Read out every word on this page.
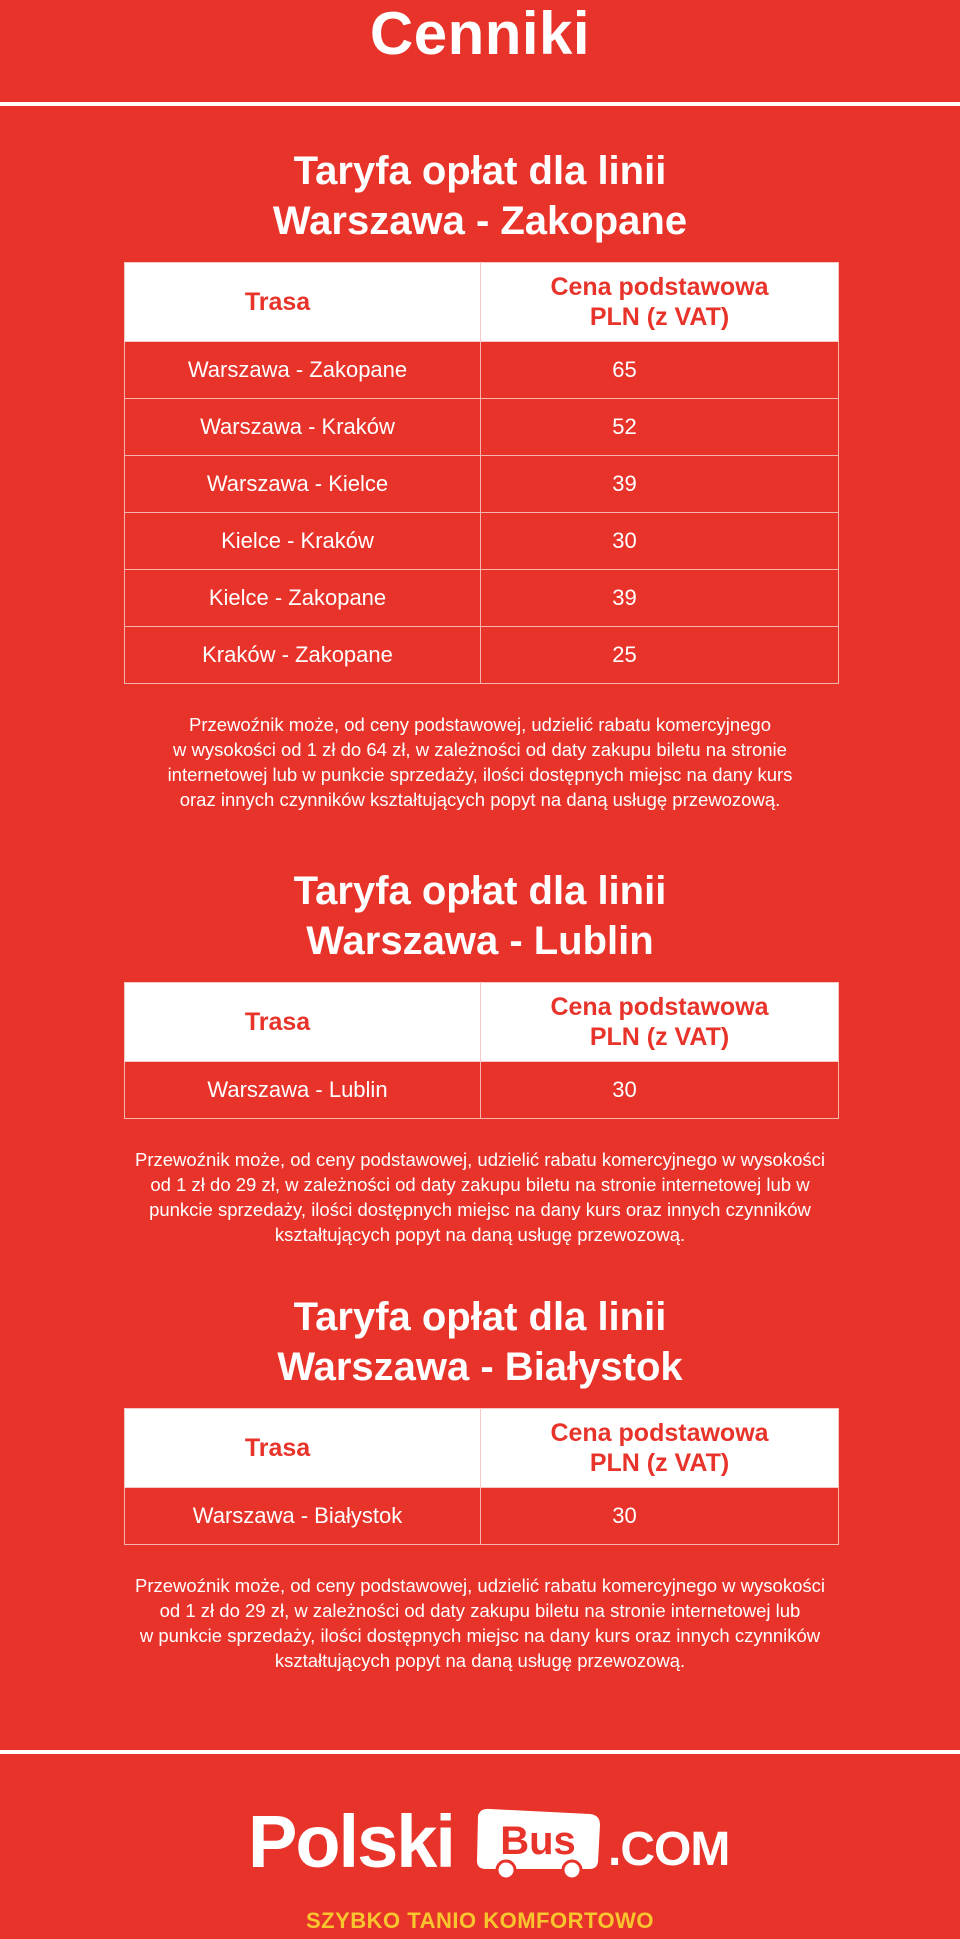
Cenniki
Taryfa opłat dla linii
Warszawa - Zakopane
Trasa	Cena podstawowa
PLN (z VAT)
Warszawa - Zakopane	65
Warszawa - Kraków	52
Warszawa - Kielce	39
Kielce - Kraków	30
Kielce - Zakopane	39
Kraków - Zakopane	25

Przewoźnik może, od ceny podstawowej, udzielić rabatu komercyjnego
w wysokości od 1 zł do 64 zł, w zależności od daty zakupu biletu na stronie
internetowej lub w punkcie sprzedaży, ilości dostępnych miejsc na dany kurs
oraz innych czynników kształtujących popyt na daną usługę przewozową.

Taryfa opłat dla linii
Warszawa - Lublin
Trasa	Cena podstawowa
PLN (z VAT)
Warszawa - Lublin	30

Przewoźnik może, od ceny podstawowej, udzielić rabatu komercyjnego w wysokości
od 1 zł do 29 zł, w zależności od daty zakupu biletu na stronie internetowej lub w
punkcie sprzedaży, ilości dostępnych miejsc na dany kurs oraz innych czynników
kształtujących popyt na daną usługę przewozową.

Taryfa opłat dla linii
Warszawa - Białystok
Trasa	Cena podstawowa
PLN (z VAT)
Warszawa - Białystok	30

Przewoźnik może, od ceny podstawowej, udzielić rabatu komercyjnego w wysokości
od 1 zł do 29 zł, w zależności od daty zakupu biletu na stronie internetowej lub
w punkcie sprzedaży, ilości dostępnych miejsc na dany kurs oraz innych czynników
kształtujących popyt na daną usługę przewozową.

Polski Bus .COM
SZYBKO TANIO KOMFORTOWO
